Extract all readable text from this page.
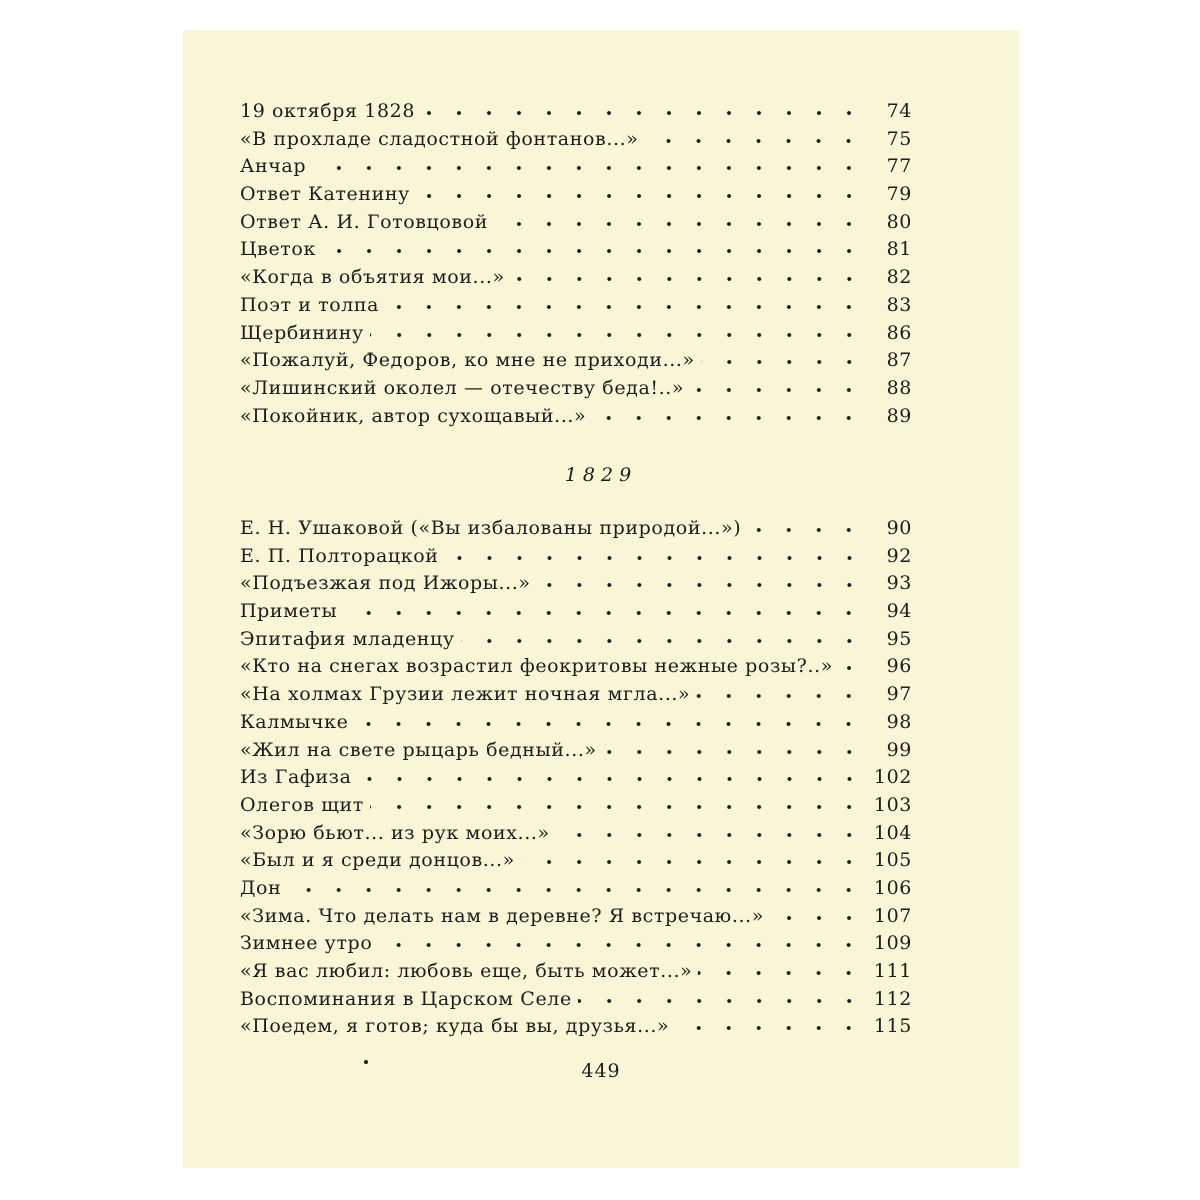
19 октября 1828	74
«В прохладе сладостной фонтанов...»	75
Анчар	77
Ответ Катенину	79
Ответ А. И. Готовцовой	80
Цветок	81
«Когда в объятия мои...»	82
Поэт и толпа	83
Щербинину	86
«Пожалуй, Федоров, ко мне не приходи...»	87
«Лишинский околел — отечеству беда!..»	88
«Покойник, автор сухощавый...»	89
1829
Е. Н. Ушаковой («Вы избалованы природой...»)	90
Е. П. Полторацкой	92
«Подъезжая под Ижоры...»	93
Приметы	94
Эпитафия младенцу	95
«Кто на снегах возрастил феокритовы нежные розы?..»	96
«На холмах Грузии лежит ночная мгла...»	97
Калмычке	98
«Жил на свете рыцарь бедный...»	99
Из Гафиза	102
Олегов щит	103
«Зорю бьют... из рук моих...»	104
«Был и я среди донцов...»	105
Дон	106
«Зима. Что делать нам в деревне? Я встречаю...»	107
Зимнее утро	109
«Я вас любил: любовь еще, быть может...»	111
Воспоминания в Царском Селе	112
«Поедем, я готов; куда бы вы, друзья...»	115
449
